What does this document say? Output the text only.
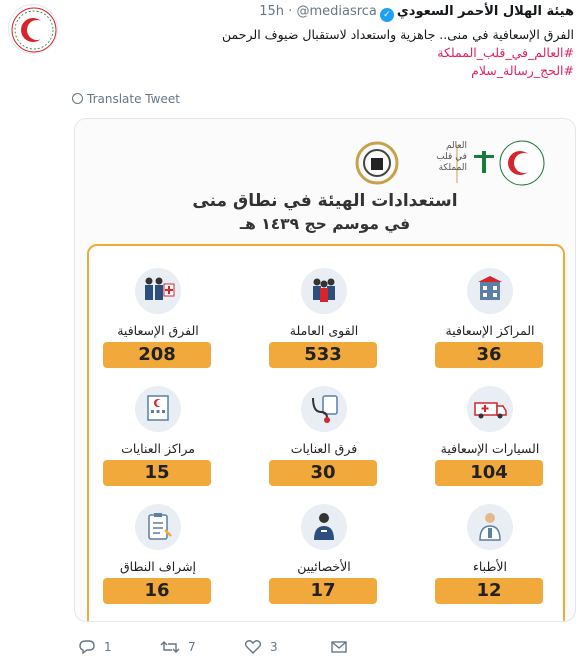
هيئة الهلال الأحمر السعودي✓@mediasrca · 15h
الفرق الإسعافية في منى.. جاهزية واستعداد لاستقبال ضيوف الرحمن
#العالم_في_قلب_المملكة
#الحج_رسالة_سلام
Translate Tweet
العالم
في قلب
المملكة
استعدادات الهيئة في نطاق منى
في موسم حج ١٤٣٩ هـ
المراكز الإسعافية
36
القوى العاملة
533
الفرق الإسعافية
208
السيارات الإسعافية
104
فرق العنايات
30
مراكز العنايات
15
الأطباء
12
الأخصائيين
17
إشراف النطاق
16
1	7	3
